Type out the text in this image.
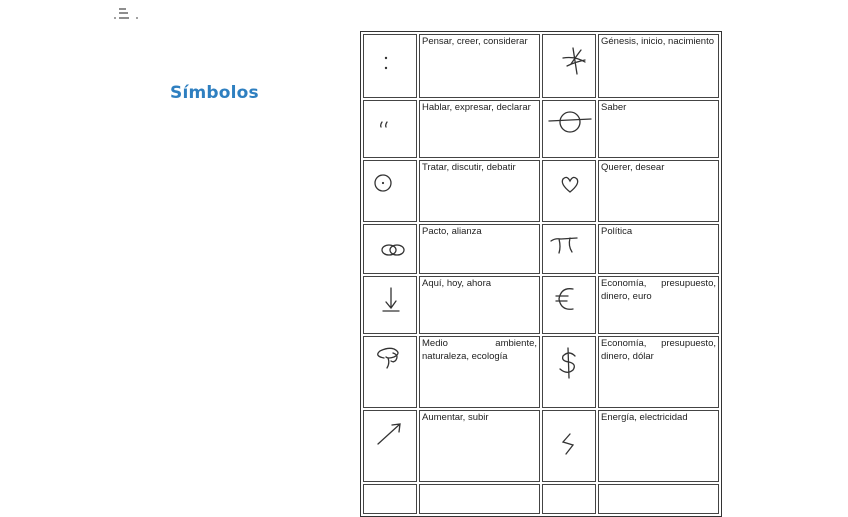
Símbolos
	Pensar, creer, considerar		Génesis, inicio, nacimiento

	Hablar, expresar, declarar		Saber

	Tratar, discutir, debatir		Querer, desear

	Pacto, alianza		Política

	Aquí, hoy, ahora		Economía, presupuesto, dinero, euro

	Medio ambiente, naturaleza, ecología		Economía, presupuesto, dinero, dólar

	Aumentar, subir		Energía, electricidad
